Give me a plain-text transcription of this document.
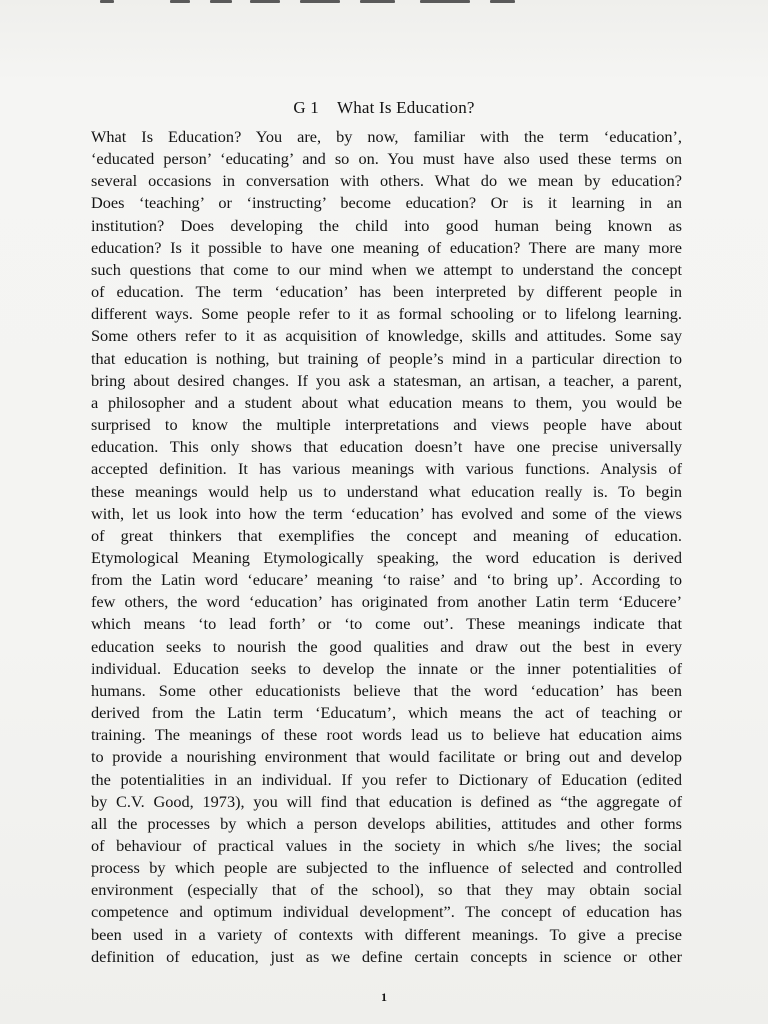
G 1 What Is Education?
What Is Education? You are, by now, familiar with the term ‘education’,
‘educated person’ ‘educating’ and so on. You must have also used these terms on
several occasions in conversation with others. What do we mean by education?
Does ‘teaching’ or ‘instructing’ become education? Or is it learning in an
institution? Does developing the child into good human being known as
education? Is it possible to have one meaning of education? There are many more
such questions that come to our mind when we attempt to understand the concept
of education. The term ‘education’ has been interpreted by different people in
different ways. Some people refer to it as formal schooling or to lifelong learning.
Some others refer to it as acquisition of knowledge, skills and attitudes. Some say
that education is nothing, but training of people’s mind in a particular direction to
bring about desired changes. If you ask a statesman, an artisan, a teacher, a parent,
a philosopher and a student about what education means to them, you would be
surprised to know the multiple interpretations and views people have about
education. This only shows that education doesn’t have one precise universally
accepted definition. It has various meanings with various functions. Analysis of
these meanings would help us to understand what education really is. To begin
with, let us look into how the term ‘education’ has evolved and some of the views
of great thinkers that exemplifies the concept and meaning of education.
Etymological Meaning Etymologically speaking, the word education is derived
from the Latin word ‘educare’ meaning ‘to raise’ and ‘to bring up’. According to
few others, the word ‘education’ has originated from another Latin term ‘Educere’
which means ‘to lead forth’ or ‘to come out’. These meanings indicate that
education seeks to nourish the good qualities and draw out the best in every
individual. Education seeks to develop the innate or the inner potentialities of
humans. Some other educationists believe that the word ‘education’ has been
derived from the Latin term ‘Educatum’, which means the act of teaching or
training. The meanings of these root words lead us to believe hat education aims
to provide a nourishing environment that would facilitate or bring out and develop
the potentialities in an individual. If you refer to Dictionary of Education (edited
by C.V. Good, 1973), you will find that education is defined as “the aggregate of
all the processes by which a person develops abilities, attitudes and other forms
of behaviour of practical values in the society in which s/he lives; the social
process by which people are subjected to the influence of selected and controlled
environment (especially that of the school), so that they may obtain social
competence and optimum individual development”. The concept of education has
been used in a variety of contexts with different meanings. To give a precise
definition of education, just as we define certain concepts in science or other
1
